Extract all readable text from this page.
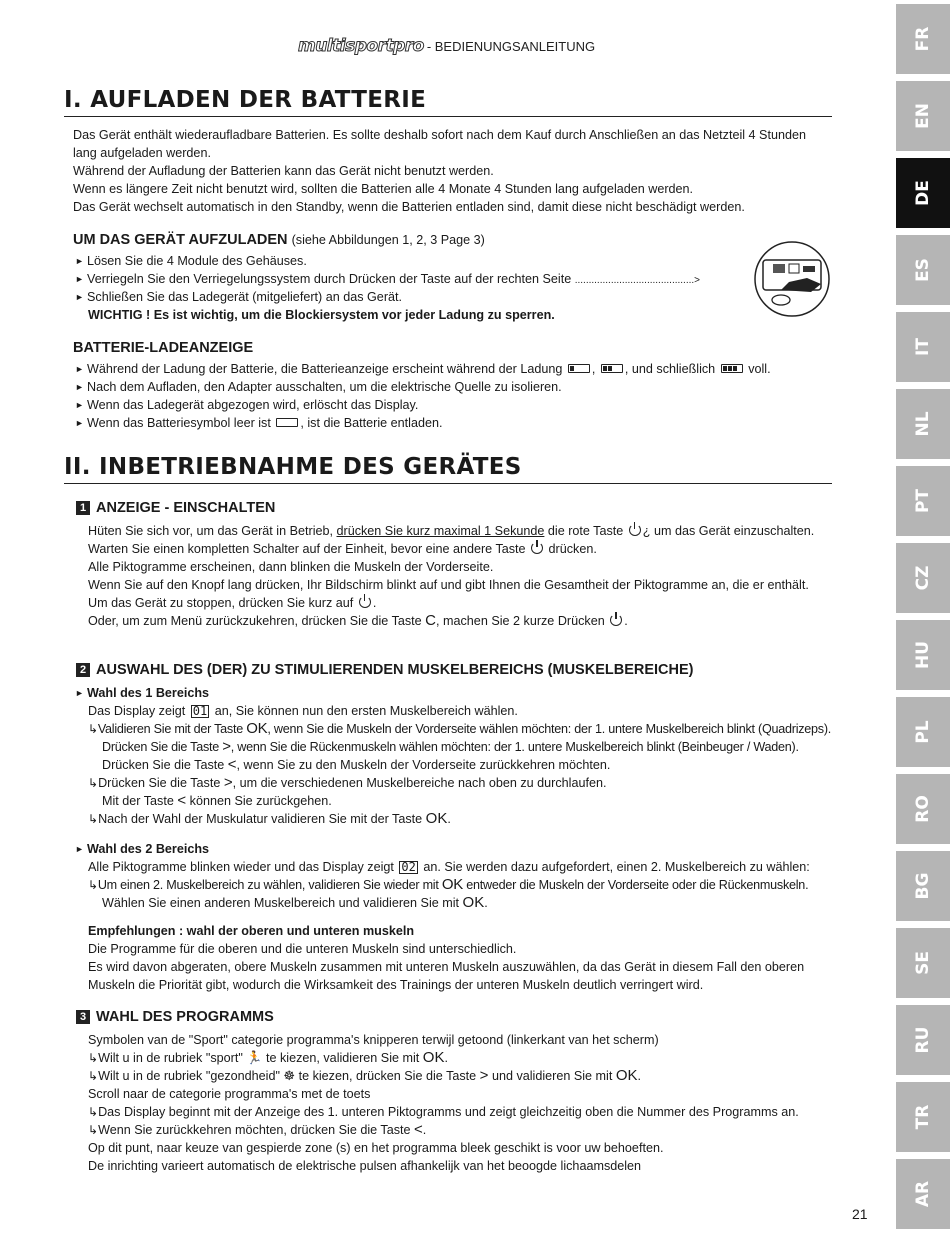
multisportpro - BEDIENUNGSANLEITUNG
I. AUFLADEN DER BATTERIE
Das Gerät enthält wiederaufladbare Batterien. Es sollte deshalb sofort nach dem Kauf durch Anschließen an das Netzteil 4 Stunden
lang aufgeladen werden.
Während der Aufladung der Batterien kann das Gerät nicht benutzt werden.
Wenn es längere Zeit nicht benutzt wird, sollten die Batterien alle 4 Monate 4 Stunden lang aufgeladen werden.
Das Gerät wechselt automatisch in den Standby, wenn die Batterien entladen sind, damit diese nicht beschädigt werden.
UM DAS GERÄT AUFZULADEN (siehe Abbildungen 1, 2, 3 Page 3)
► Lösen Sie die 4 Module des Gehäuses.
► Verriegeln Sie den Verriegelungssystem durch Drücken der Taste auf der rechten Seite ...........................................>
► Schließen Sie das Ladegerät (mitgeliefert) an das Gerät.
WICHTIG ! Es ist wichtig, um die Blockiersystem vor jeder Ladung zu sperren.
BATTERIE-LADEANZEIGE
► Während der Ladung der Batterie, die Batterieanzeige erscheint während der Ladung , , und schließlich	voll.
► Nach dem Aufladen, den Adapter ausschalten, um die elektrische Quelle zu isolieren.
► Wenn das Ladegerät abgezogen wird, erlöscht das Display.
► Wenn das Batteriesymbol leer ist , ist die Batterie entladen.
II. INBETRIEBNAHME DES GERÄTES
1 ANZEIGE - EINSCHALTEN
Hüten Sie sich vor, um das Gerät in Betrieb, drücken Sie kurz maximal 1 Sekunde die rote Taste ¿ um das Gerät einzuschalten.
Warten Sie einen kompletten Schalter auf der Einheit, bevor eine andere Taste drücken.
Alle Piktogramme erscheinen, dann blinken die Muskeln der Vorderseite.
Wenn Sie auf den Knopf lang drücken, Ihr Bildschirm blinkt auf und gibt Ihnen die Gesamtheit der Piktogramme an, die er enthält.
Um das Gerät zu stoppen, drücken Sie kurz auf .
Oder, um zum Menü zurückzukehren, drücken Sie die Taste C, machen Sie 2 kurze Drücken .
2 AUSWAHL DES (DER) ZU STIMULIERENDEN MUSKELBEREICHS (MUSKELBEREICHE)
► Wahl des 1 Bereichs
Das Display zeigt 01 an, Sie können nun den ersten Muskelbereich wählen.
↳Validieren Sie mit der Taste OK, wenn Sie die Muskeln der Vorderseite wählen möchten: der 1. untere Muskelbereich blinkt (Quadrizeps).
Drücken Sie die Taste >, wenn Sie die Rückenmuskeln wählen möchten: der 1. untere Muskelbereich blinkt (Beinbeuger / Waden).
Drücken Sie die Taste <, wenn Sie zu den Muskeln der Vorderseite zurückkehren möchten.
↳Drücken Sie die Taste >, um die verschiedenen Muskelbereiche nach oben zu durchlaufen.
Mit der Taste < können Sie zurückgehen.
↳Nach der Wahl der Muskulatur validieren Sie mit der Taste OK.
► Wahl des 2 Bereichs
Alle Piktogramme blinken wieder und das Display zeigt 02 an. Sie werden dazu aufgefordert, einen 2. Muskelbereich zu wählen:
↳Um einen 2. Muskelbereich zu wählen, validieren Sie wieder mit OK entweder die Muskeln der Vorderseite oder die Rückenmuskeln.
Wählen Sie einen anderen Muskelbereich und validieren Sie mit OK.
Empfehlungen : wahl der oberen und unteren muskeln
Die Programme für die oberen und die unteren Muskeln sind unterschiedlich.
Es wird davon abgeraten, obere Muskeln zusammen mit unteren Muskeln auszuwählen, da das Gerät in diesem Fall den oberen
Muskeln die Priorität gibt, wodurch die Wirksamkeit des Trainings der unteren Muskeln deutlich verringert wird.
3 WAHL DES PROGRAMMS
Symbolen van de "Sport" categorie programma's knipperen terwijl getoond (linkerkant van het scherm)
↳Wilt u in de rubriek "sport" 🏃 te kiezen, validieren Sie mit OK.
↳Wilt u in de rubriek "gezondheid" ☸ te kiezen, drücken Sie die Taste > und validieren Sie mit OK.
Scroll naar de categorie programma's met de toets
↳Das Display beginnt mit der Anzeige des 1. unteren Piktogramms und zeigt gleichzeitig oben die Nummer des Programms an.
↳Wenn Sie zurückkehren möchten, drücken Sie die Taste <.
Op dit punt, naar keuze van gespierde zone (s) en het programma bleek geschikt is voor uw behoeften.
De inrichting varieert automatisch de elektrische pulsen afhankelijk van het beoogde lichaamsdelen
FR
EN
DE
ES
IT
NL
PT
CZ
HU
PL
RO
BG
SE
RU
TR
AR
21
